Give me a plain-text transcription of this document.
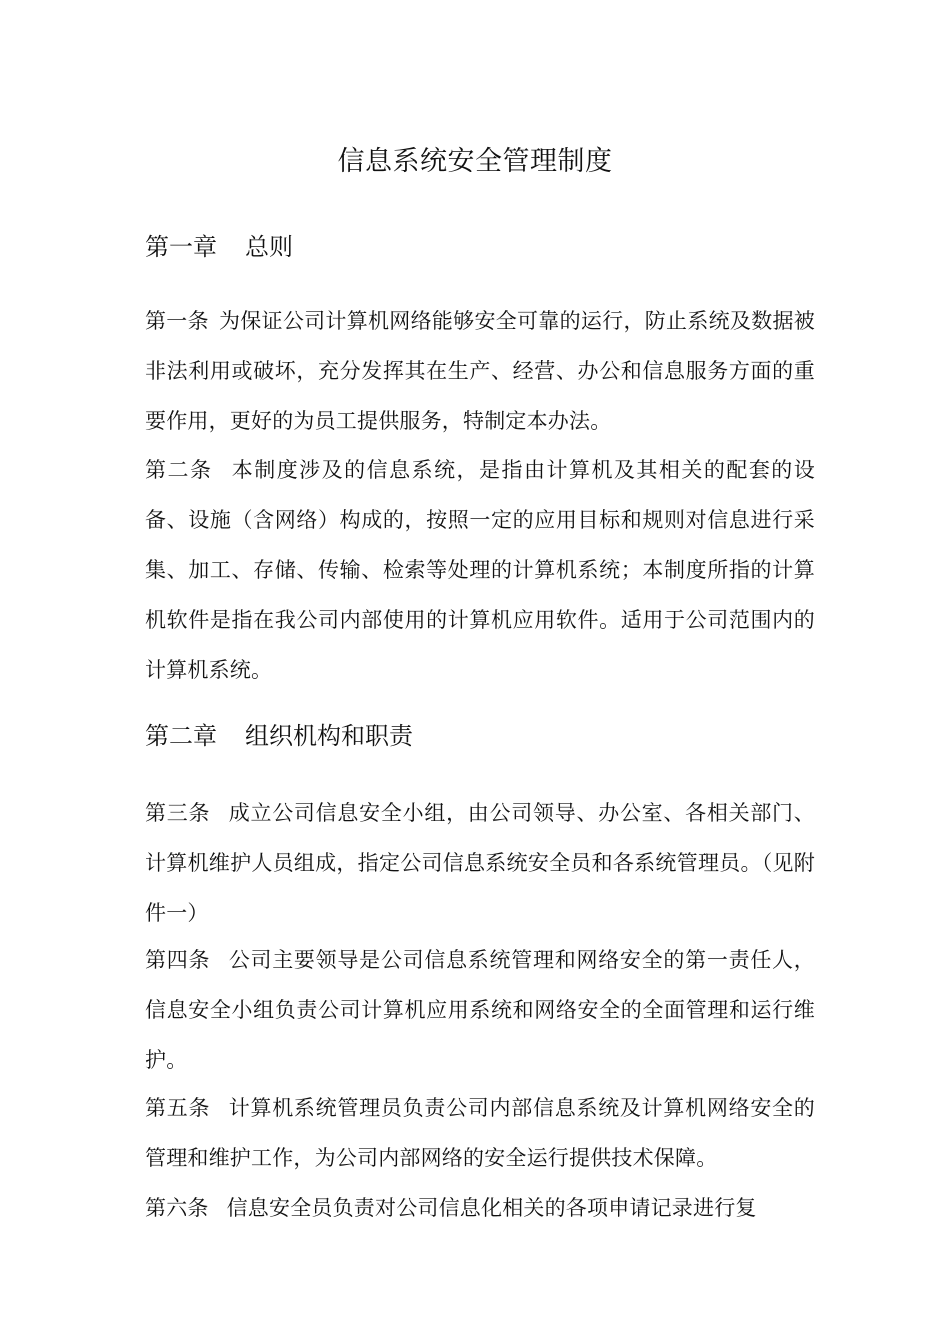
信息系统安全管理制度
第一章 总则
第一条 为保证公司计算机网络能够安全可靠的运行，防止系统及数据被非法利用或破坏，充分发挥其在生产、经营、办公和信息服务方面的重要作用，更好的为员工提供服务，特制定本办法。
第二条 本制度涉及的信息系统，是指由计算机及其相关的配套的设备、设施（含网络）构成的，按照一定的应用目标和规则对信息进行采集、加工、存储、传输、检索等处理的计算机系统；本制度所指的计算机软件是指在我公司内部使用的计算机应用软件。适用于公司范围内的计算机系统。
第二章 组织机构和职责
第三条 成立公司信息安全小组，由公司领导、办公室、各相关部门、计算机维护人员组成，指定公司信息系统安全员和各系统管理员。（见附件一）
第四条 公司主要领导是公司信息系统管理和网络安全的第一责任人，信息安全小组负责公司计算机应用系统和网络安全的全面管理和运行维护。
第五条 计算机系统管理员负责公司内部信息系统及计算机网络安全的管理和维护工作，为公司内部网络的安全运行提供技术保障。
第六条 信息安全员负责对公司信息化相关的各项申请记录进行复
